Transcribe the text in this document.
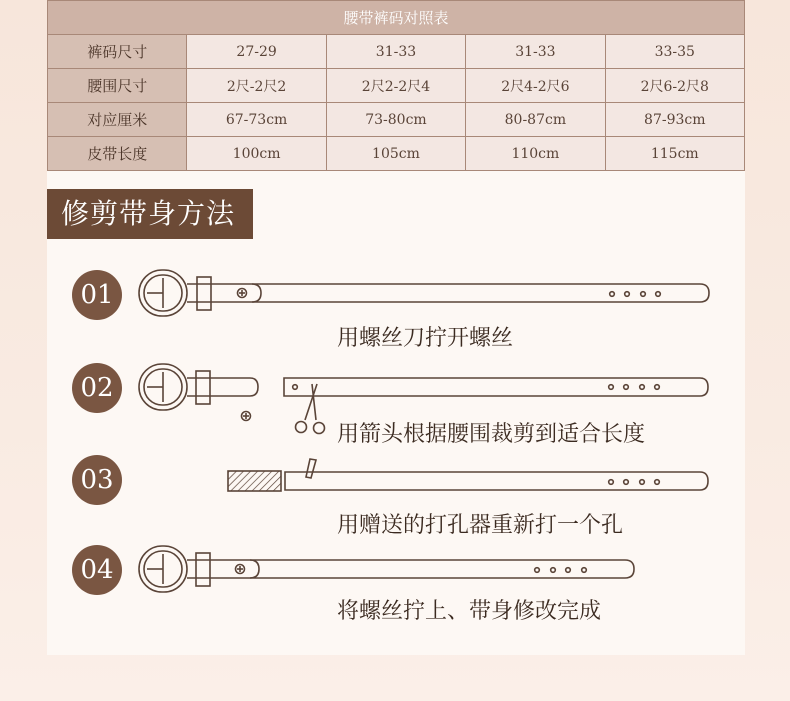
腰带裤码对照表				
裤码尺寸	27-29	31-33	31-33	33-35
腰围尺寸	2尺-2尺2	2尺2-2尺4	2尺4-2尺6	2尺6-2尺8
对应厘米	67-73cm	73-80cm	80-87cm	87-93cm
皮带长度	100cm	105cm	110cm	115cm
修剪带身方法
01
02
03
04
用螺丝刀拧开螺丝
用箭头根据腰围裁剪到适合长度
用赠送的打孔器重新打一个孔
将螺丝拧上、带身修改完成
